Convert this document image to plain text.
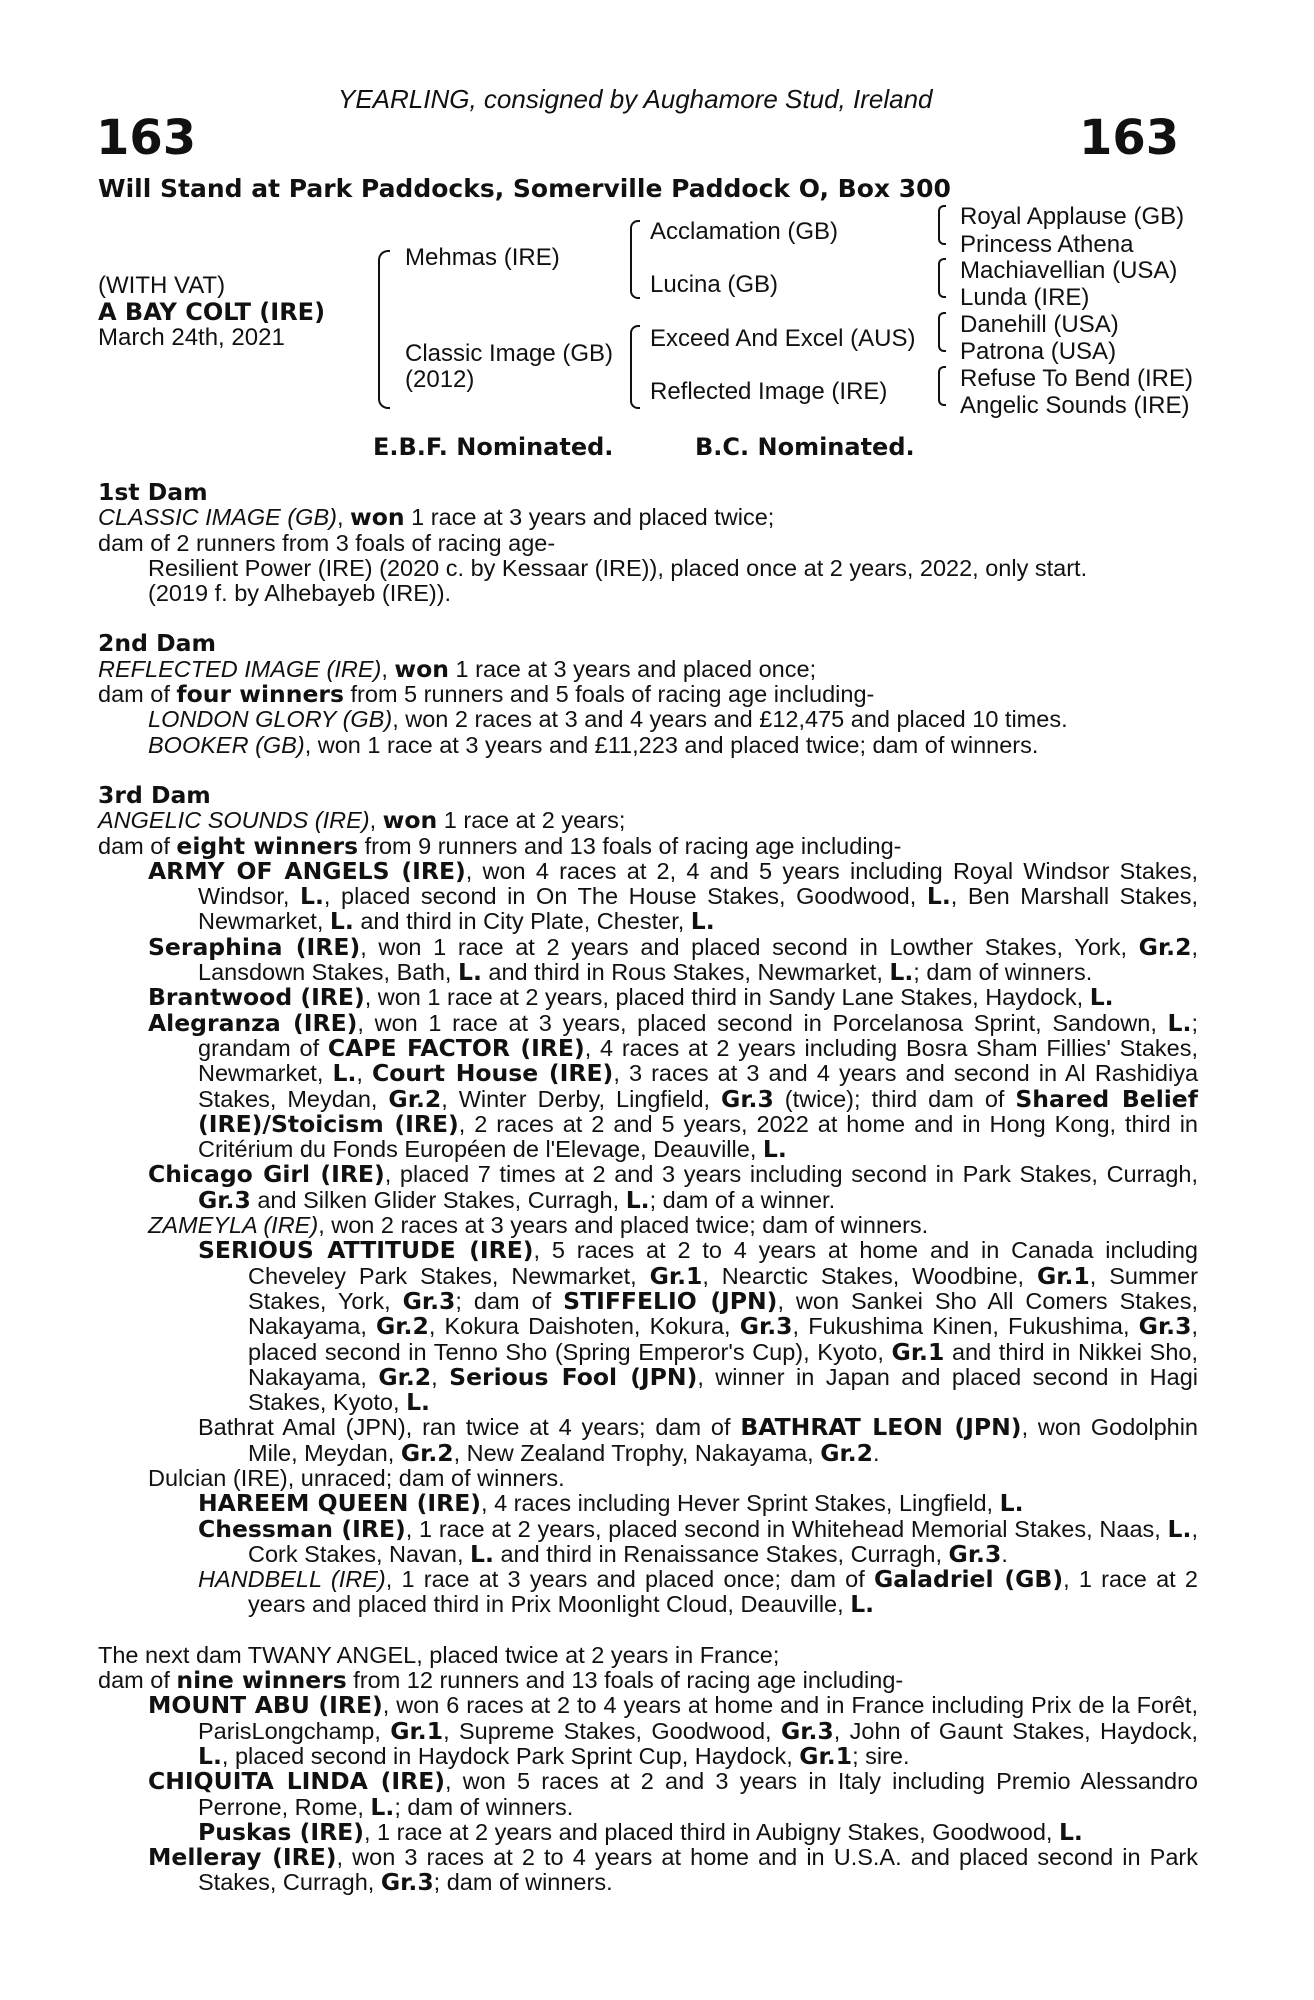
YEARLING, consigned by Aughamore Stud, Ireland
163	163
Will Stand at Park Paddocks, Somerville Paddock O, Box 300
(WITH VAT)
A BAY COLT (IRE)
March 24th, 2021
Mehmas (IRE)
Classic Image (GB)
(2012)
Acclamation (GB)
Lucina (GB)
Exceed And Excel (AUS)
Reflected Image (IRE)
Royal Applause (GB)
Princess Athena
Machiavellian (USA)
Lunda (IRE)
Danehill (USA)
Patrona (USA)
Refuse To Bend (IRE)
Angelic Sounds (IRE)
E.B.F. Nominated.	B.C. Nominated.

1st Dam

CLASSIC IMAGE (GB), won 1 race at 3 years and placed twice;

dam of 2 runners from 3 foals of racing age-

Resilient Power (IRE) (2020 c. by Kessaar (IRE)), placed once at 2 years, 2022, only start.

(2019 f. by Alhebayeb (IRE)).

2nd Dam

REFLECTED IMAGE (IRE), won 1 race at 3 years and placed once;

dam of four winners from 5 runners and 5 foals of racing age including-

LONDON GLORY (GB), won 2 races at 3 and 4 years and £12,475 and placed 10 times.

BOOKER (GB), won 1 race at 3 years and £11,223 and placed twice; dam of winners.

3rd Dam

ANGELIC SOUNDS (IRE), won 1 race at 2 years;

dam of eight winners from 9 runners and 13 foals of racing age including-

ARMY OF ANGELS (IRE), won 4 races at 2, 4 and 5 years including Royal Windsor Stakes, Windsor, L., placed second in On The House Stakes, Goodwood, L., Ben Marshall Stakes, Newmarket, L. and third in City Plate, Chester, L.

Seraphina (IRE), won 1 race at 2 years and placed second in Lowther Stakes, York, Gr.2, Lansdown Stakes, Bath, L. and third in Rous Stakes, Newmarket, L.; dam of winners.

Brantwood (IRE), won 1 race at 2 years, placed third in Sandy Lane Stakes, Haydock, L.

Alegranza (IRE), won 1 race at 3 years, placed second in Porcelanosa Sprint, Sandown, L.; grandam of CAPE FACTOR (IRE), 4 races at 2 years including Bosra Sham Fillies' Stakes, Newmarket, L., Court House (IRE), 3 races at 3 and 4 years and second in Al Rashidiya Stakes, Meydan, Gr.2, Winter Derby, Lingfield, Gr.3 (twice); third dam of Shared Belief (IRE)/Stoicism (IRE), 2 races at 2 and 5 years, 2022 at home and in Hong Kong, third in Critérium du Fonds Européen de l'Elevage, Deauville, L.

Chicago Girl (IRE), placed 7 times at 2 and 3 years including second in Park Stakes, Curragh, Gr.3 and Silken Glider Stakes, Curragh, L.; dam of a winner.

ZAMEYLA (IRE), won 2 races at 3 years and placed twice; dam of winners.

SERIOUS ATTITUDE (IRE), 5 races at 2 to 4 years at home and in Canada including Cheveley Park Stakes, Newmarket, Gr.1, Nearctic Stakes, Woodbine, Gr.1, Summer Stakes, York, Gr.3; dam of STIFFELIO (JPN), won Sankei Sho All Comers Stakes, Nakayama, Gr.2, Kokura Daishoten, Kokura, Gr.3, Fukushima Kinen, Fukushima, Gr.3, placed second in Tenno Sho (Spring Emperor's Cup), Kyoto, Gr.1 and third in Nikkei Sho, Nakayama, Gr.2, Serious Fool (JPN), winner in Japan and placed second in Hagi Stakes, Kyoto, L.

Bathrat Amal (JPN), ran twice at 4 years; dam of BATHRAT LEON (JPN), won Godolphin Mile, Meydan, Gr.2, New Zealand Trophy, Nakayama, Gr.2.

Dulcian (IRE), unraced; dam of winners.

HAREEM QUEEN (IRE), 4 races including Hever Sprint Stakes, Lingfield, L.

Chessman (IRE), 1 race at 2 years, placed second in Whitehead Memorial Stakes, Naas, L., Cork Stakes, Navan, L. and third in Renaissance Stakes, Curragh, Gr.3.

HANDBELL (IRE), 1 race at 3 years and placed once; dam of Galadriel (GB), 1 race at 2 years and placed third in Prix Moonlight Cloud, Deauville, L.

The next dam TWANY ANGEL, placed twice at 2 years in France;

dam of nine winners from 12 runners and 13 foals of racing age including-

MOUNT ABU (IRE), won 6 races at 2 to 4 years at home and in France including Prix de la Forêt, ParisLongchamp, Gr.1, Supreme Stakes, Goodwood, Gr.3, John of Gaunt Stakes, Haydock, L., placed second in Haydock Park Sprint Cup, Haydock, Gr.1; sire.

CHIQUITA LINDA (IRE), won 5 races at 2 and 3 years in Italy including Premio Alessandro Perrone, Rome, L.; dam of winners.

Puskas (IRE), 1 race at 2 years and placed third in Aubigny Stakes, Goodwood, L.

Melleray (IRE), won 3 races at 2 to 4 years at home and in U.S.A. and placed second in Park Stakes, Curragh, Gr.3; dam of winners.
